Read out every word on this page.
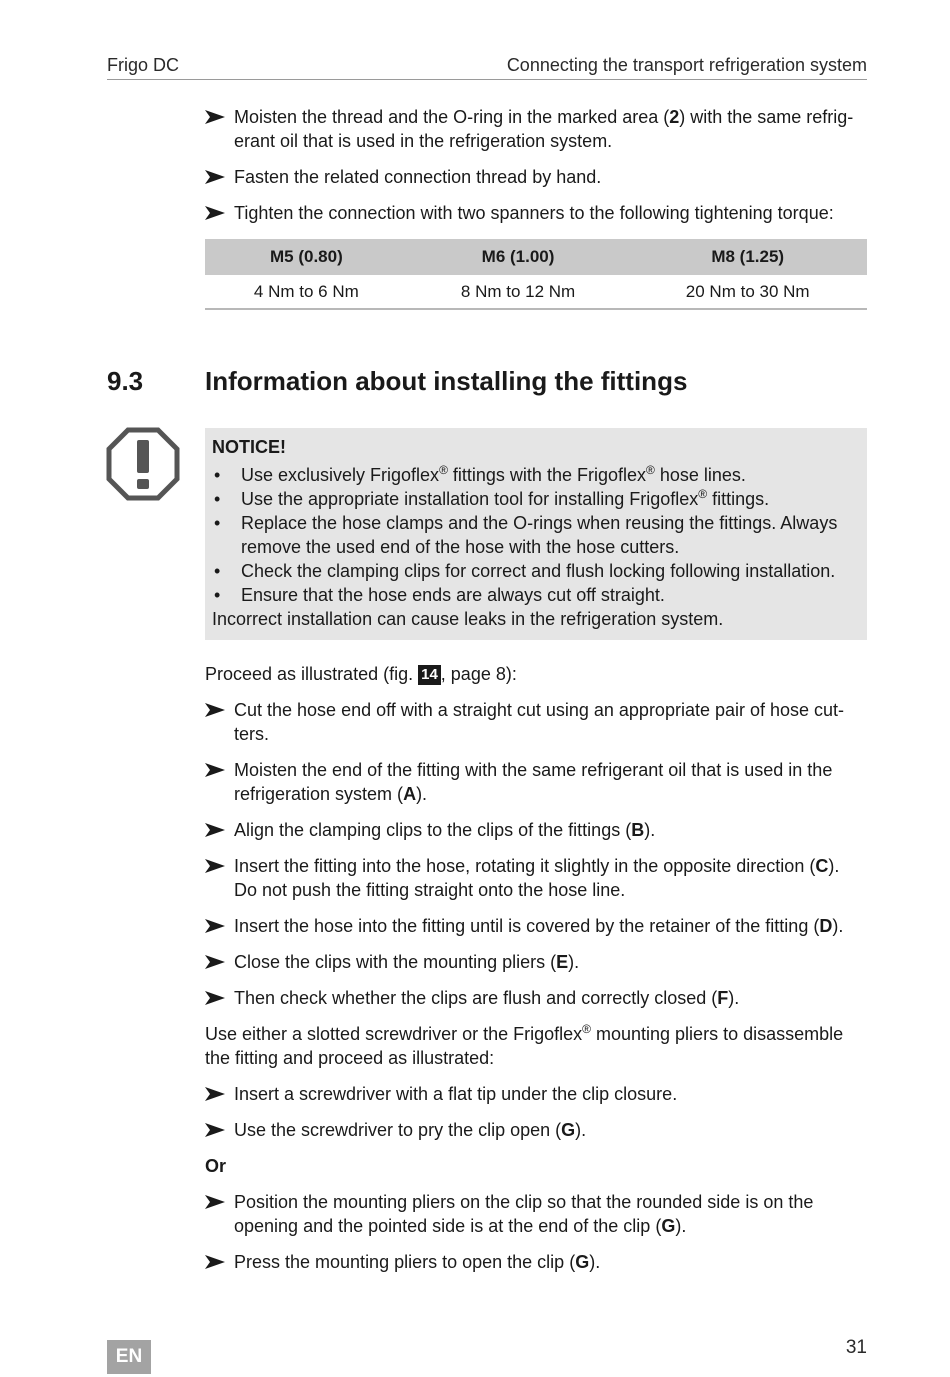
Frigo DC	Connecting the transport refrigeration system
Moisten the thread and the O-ring in the marked area (2) with the same refrig-erant oil that is used in the refrigeration system.
Fasten the related connection thread by hand.
Tighten the connection with two spanners to the following tightening torque:
M5 (0.80)	M6 (1.00)	M8 (1.25)
4 Nm to 6 Nm	8 Nm to 12 Nm	20 Nm to 30 Nm
9.3 Information about installing the fittings
NOTICE!
• Use exclusively Frigoflex® fittings with the Frigoflex® hose lines.
• Use the appropriate installation tool for installing Frigoflex® fittings.
• Replace the hose clamps and the O-rings when reusing the fittings. Always remove the used end of the hose with the hose cutters.
• Check the clamping clips for correct and flush locking following installation.
• Ensure that the hose ends are always cut off straight.
Incorrect installation can cause leaks in the refrigeration system.
Proceed as illustrated (fig. 14 , page 8):
Cut the hose end off with a straight cut using an appropriate pair of hose cut-ters.
Moisten the end of the fitting with the same refrigerant oil that is used in the refrigeration system (A).
Align the clamping clips to the clips of the fittings (B).
Insert the fitting into the hose, rotating it slightly in the opposite direction (C). Do not push the fitting straight onto the hose line.
Insert the hose into the fitting until is covered by the retainer of the fitting (D).
Close the clips with the mounting pliers (E).
Then check whether the clips are flush and correctly closed (F).
Use either a slotted screwdriver or the Frigoflex® mounting pliers to disassemble the fitting and proceed as illustrated:
Insert a screwdriver with a flat tip under the clip closure.
Use the screwdriver to pry the clip open (G).
Or
Position the mounting pliers on the clip so that the rounded side is on the opening and the pointed side is at the end of the clip (G).
Press the mounting pliers to open the clip (G).
EN	31
